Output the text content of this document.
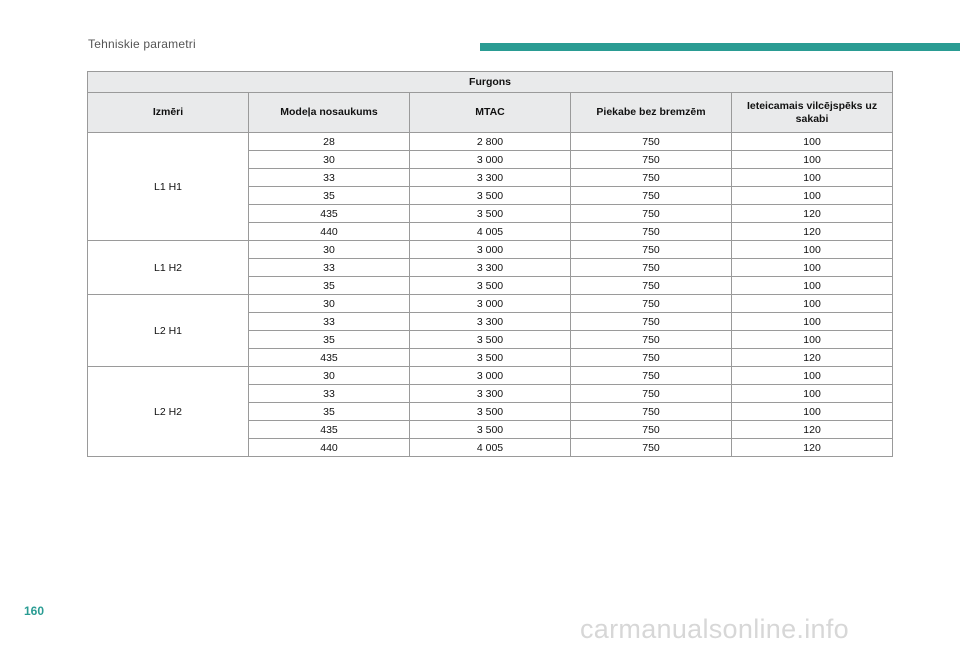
Tehniskie parametri
Furgons				
Izmēri	Modeļa nosaukums	MTAC	Piekabe bez bremzēm	Ieteicamais vilcējspēks uz sakabi
L1 H1	28	2 800	750	100
	30	3 000	750	100
	33	3 300	750	100
	35	3 500	750	100
	435	3 500	750	120
	440	4 005	750	120
L1 H2	30	3 000	750	100
	33	3 300	750	100
	35	3 500	750	100
L2 H1	30	3 000	750	100
	33	3 300	750	100
	35	3 500	750	100
	435	3 500	750	120
L2 H2	30	3 000	750	100
	33	3 300	750	100
	35	3 500	750	100
	435	3 500	750	120
	440	4 005	750	120
160
carmanualsonline.info
